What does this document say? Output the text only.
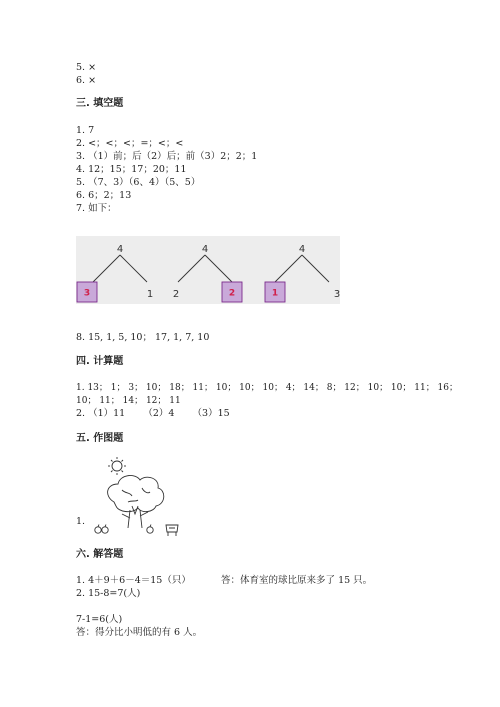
5. ×
6. ×
三. 填空题
1. 7
2. <；<；<；=；<；<
3. （1）前；后（2）后；前（3）2；2；1
4. 12；15；17；20；11
5. （7、3）（6、4）（5、5）
6. 6；2；13
7. 如下：
4
1
4
2
4
3
3	2	1
8. 15, 1, 5, 10； 17, 1, 7, 10
四. 计算题
1. 13； 1； 3； 10； 18； 11； 10； 10； 10； 4； 14； 8； 12； 10； 10； 11； 16；
10； 11； 14； 12； 11
2. （1）11      （2）4      （3）15
五. 作图题
1.
六. 解答题
1. 4＋9＋6－4＝15（只）          答：体育室的球比原来多了 15 只。
2. 15-8=7(人)
7-1=6(人)
答：得分比小明低的有 6 人。
